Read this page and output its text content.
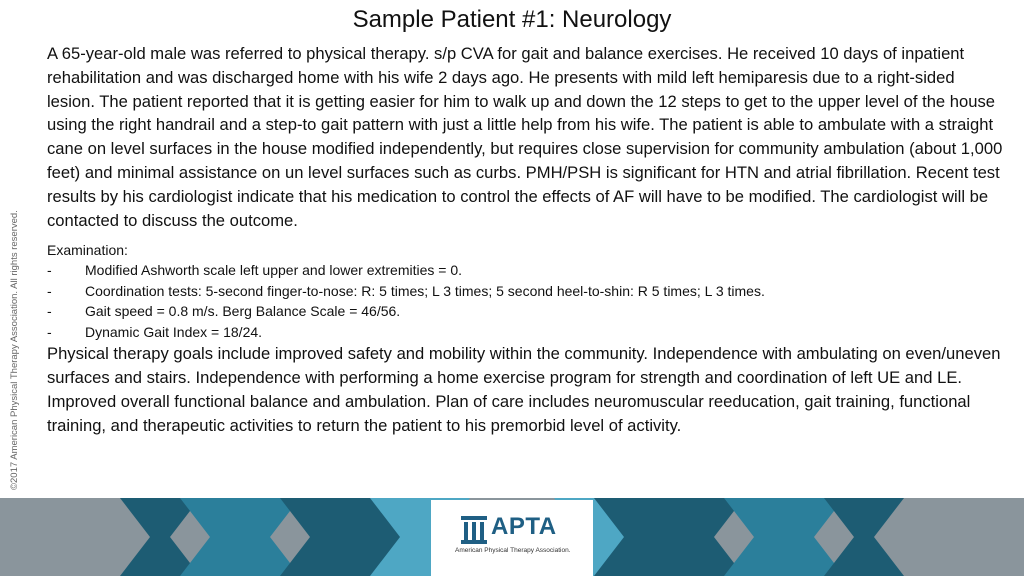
Sample Patient #1: Neurology
©2017 American Physical Therapy Association. All rights reserved.

A 65-year-old male was referred to physical therapy. s/p CVA for gait and balance exercises. He received 10 days of inpatient rehabilitation and was discharged home with his wife 2 days ago. He presents with mild left hemiparesis due to a right-sided lesion. The patient reported that it is getting easier for him to walk up and down the 12 steps to get to the upper level of the house using the right handrail and a step-to gait pattern with just a little help from his wife. The patient is able to ambulate with a straight cane on level surfaces in the house modified independently, but requires close supervision for community ambulation (about 1,000 feet) and minimal assistance on un level surfaces such as curbs. PMH/PSH is significant for HTN and atrial fibrillation. Recent test results by his cardiologist indicate that his medication to control the effects of AF will have to be modified. The cardiologist will be contacted to discuss the outcome.

Examination:

- Modified Ashworth scale left upper and lower extremities = 0.
- Coordination tests: 5-second finger-to-nose: R: 5 times; L 3 times; 5 second heel-to-shin: R 5 times; L 3 times.
- Gait speed = 0.8 m/s. Berg Balance Scale = 46/56.
- Dynamic Gait Index = 18/24.

Physical therapy goals include improved safety and mobility within the community. Independence with ambulating on even/uneven surfaces and stairs. Independence with performing a home exercise program for strength and coordination of left UE and LE. Improved overall functional balance and ambulation. Plan of care includes neuromuscular reeducation, gait training, functional training, and therapeutic activities to return the patient to his premorbid level of activity.

APTA
American Physical Therapy Association.
